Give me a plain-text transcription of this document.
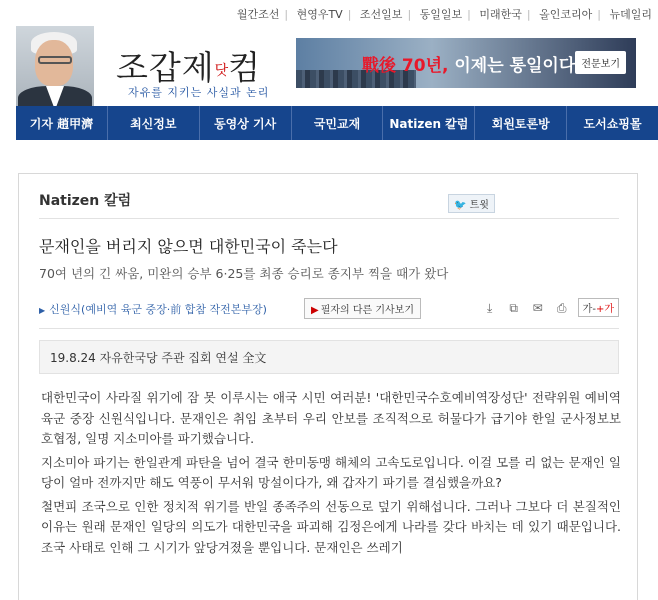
월간조선 | 현영우TV | 조선일보 | 동일일보 | 미래한국 | 올인코리아 | 뉴데일리
조갑제닷컴
자유를 지키는 사실과 논리
戰後 70년, 이제는 통일이다 전문보기
기자 趙甲濟	최신정보	동영상 기사	국민교재	Natizen 칼럼	회원토론방	도서쇼핑몰
Natizen 칼럼	🐦 트윗
문재인을 버리지 않으면 대한민국이 죽는다
70여 년의 긴 싸움, 미완의 승부 6·25를 최종 승리로 종지부 찍을 때가 왔다
▶ 신원식(예비역 육군 중장·前 합참 작전본부장)	▶ 필자의 다른 기사보기	⤓	⧉	✉ ⎙	가-+가
19.8.24 자유한국당 주관 집회 연설 全文

대한민국이 사라질 위기에 잠 못 이루시는 애국 시민 여러분! '대한민국수호예비역장성단' 전략위원 예비역 육군 중장 신원식입니다. 문재인은 취임 초부터 우리 안보를 조직적으로 허물다가 급기야 한일 군사정보보호협정, 일명 지소미아를 파기했습니다.

지소미아 파기는 한일관계 파탄을 넘어 결국 한미동맹 해체의 고속도로입니다. 이걸 모를 리 없는 문재인 일당이 얼마 전까지만 해도 역풍이 무서워 망설이다가, 왜 갑자기 파기를 결심했을까요?

철면피 조국으로 인한 정치적 위기를 반일 종족주의 선동으로 덮기 위해섭니다. 그러나 그보다 더 본질적인 이유는 원래 문재인 일당의 의도가 대한민국을 파괴해 김정은에게 나라를 갖다 바치는 데 있기 때문입니다. 조국 사태로 인해 그 시기가 앞당겨졌을 뿐입니다. 문재인은 쓰레기
